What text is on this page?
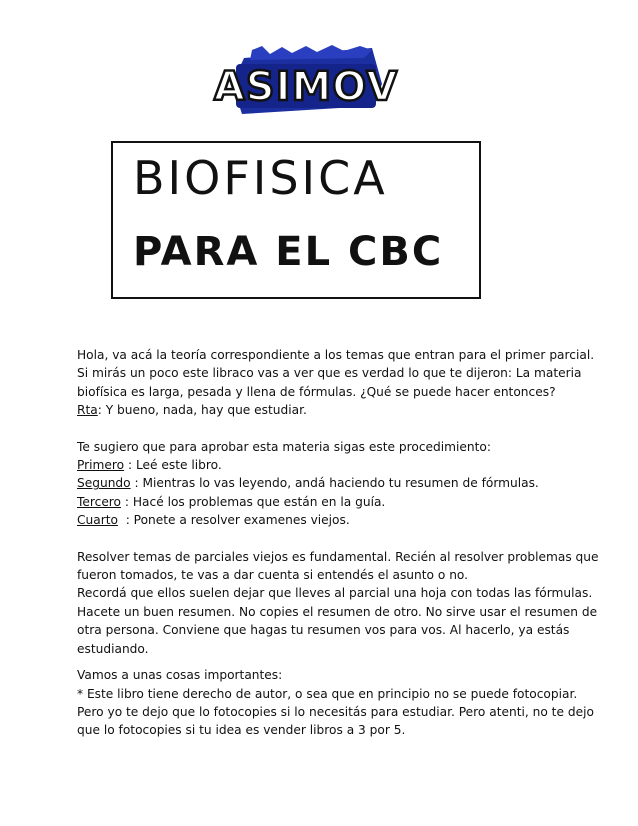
ASIMOV
BIOFISICA
PARA EL CBC

Hola, va acá la teoría correspondiente a los temas que entran para el primer parcial.

Si mirás un poco este libraco vas a ver que es verdad lo que te dijeron: La materia

biofísica es larga, pesada y llena de fórmulas. ¿Qué se puede hacer entonces?

Rta: Y bueno, nada, hay que estudiar.

Te sugiero que para aprobar esta materia sigas este procedimiento:

Primero : Leé este libro.

Segundo : Mientras lo vas leyendo, andá haciendo tu resumen de fórmulas.

Tercero : Hacé los problemas que están en la guía.

Cuarto  : Ponete a resolver examenes viejos.

Resolver temas de parciales viejos es fundamental. Recién al resolver problemas que

fueron tomados, te vas a dar cuenta si entendés el asunto o no.

Recordá que ellos suelen dejar que lleves al parcial una hoja con todas las fórmulas.

Hacete un buen resumen. No copies el resumen de otro. No sirve usar el resumen de

otra persona. Conviene que hagas tu resumen vos para vos. Al hacerlo, ya estás

estudiando.

Vamos a unas cosas importantes:

* Este libro tiene derecho de autor, o sea que en principio no se puede fotocopiar.

Pero yo te dejo que lo fotocopies si lo necesitás para estudiar. Pero atenti, no te dejo

que lo fotocopies si tu idea es vender libros a 3 por 5.
